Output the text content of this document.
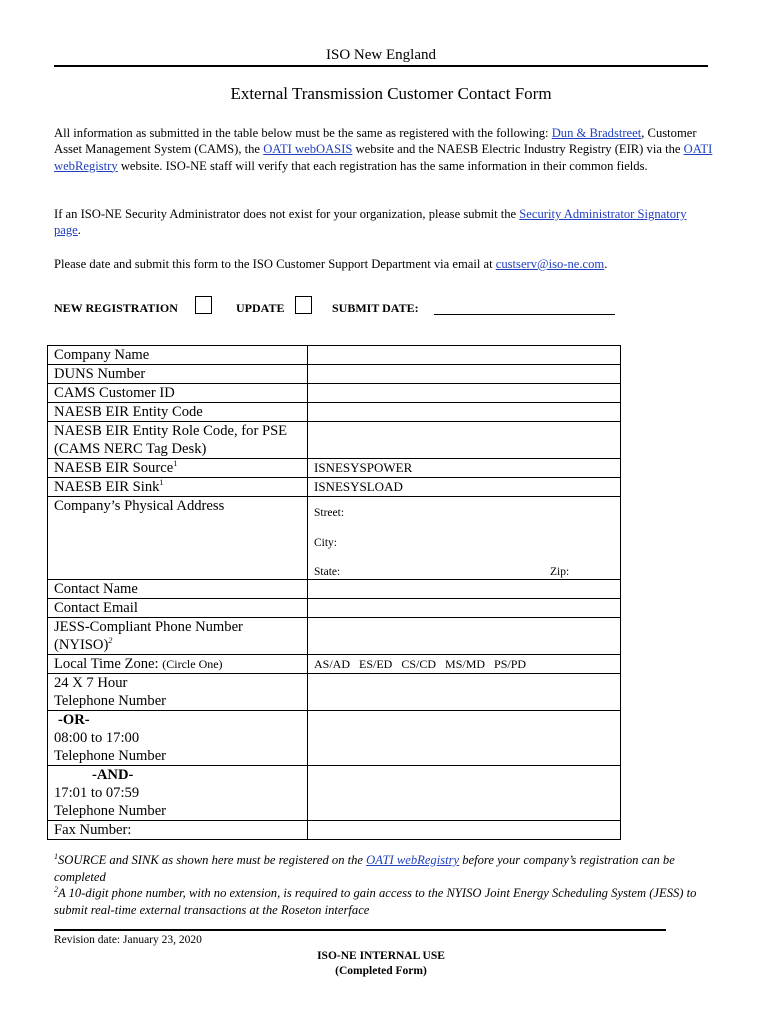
ISO New England
External Transmission Customer Contact Form
All information as submitted in the table below must be the same as registered with the following: Dun & Bradstreet, Customer Asset Management System (CAMS), the OATI webOASIS website and the NAESB Electric Industry Registry (EIR) via the OATI webRegistry website. ISO-NE staff will verify that each registration has the same information in their common fields.
If an ISO-NE Security Administrator does not exist for your organization, please submit the Security Administrator Signatory page.
Please date and submit this form to the ISO Customer Support Department via email at custserv@iso-ne.com.
NEW REGISTRATION	UPDATE	SUBMIT DATE:
Company Name	
DUNS Number	
CAMS Customer ID	
NAESB EIR Entity Code	

NAESB EIR Entity Role Code, for PSE
(CAMS NERC Tag Desk)	

NAESB EIR Source$^1$	ISNESYSPOWER
NAESB EIR Sink$^1$	ISNESYSLOAD
Company’s Physical Address	Street:
City:
State: Zip:

Contact Name	
Contact Email	

JESS-Compliant Phone Number
(NYISO)$^2$

Local Time Zone: (Circle One)	AS/AD   ES/ED   CS/CD   MS/MD   PS/PD

24 X 7 Hour
Telephone Number	

-OR-
08:00 to 17:00
Telephone Number	

-AND-
17:01 to 07:59
Telephone Number	

Fax Number:	
$^1$SOURCE and SINK as shown here must be registered on the OATI webRegistry before your company’s registration can be completed
$^2$A 10-digit phone number, with no extension, is required to gain access to the NYISO Joint Energy Scheduling System (JESS) to submit real-time external transactions at the Roseton interface
Revision date: January 23, 2020
ISO-NE INTERNAL USE
(Completed Form)
